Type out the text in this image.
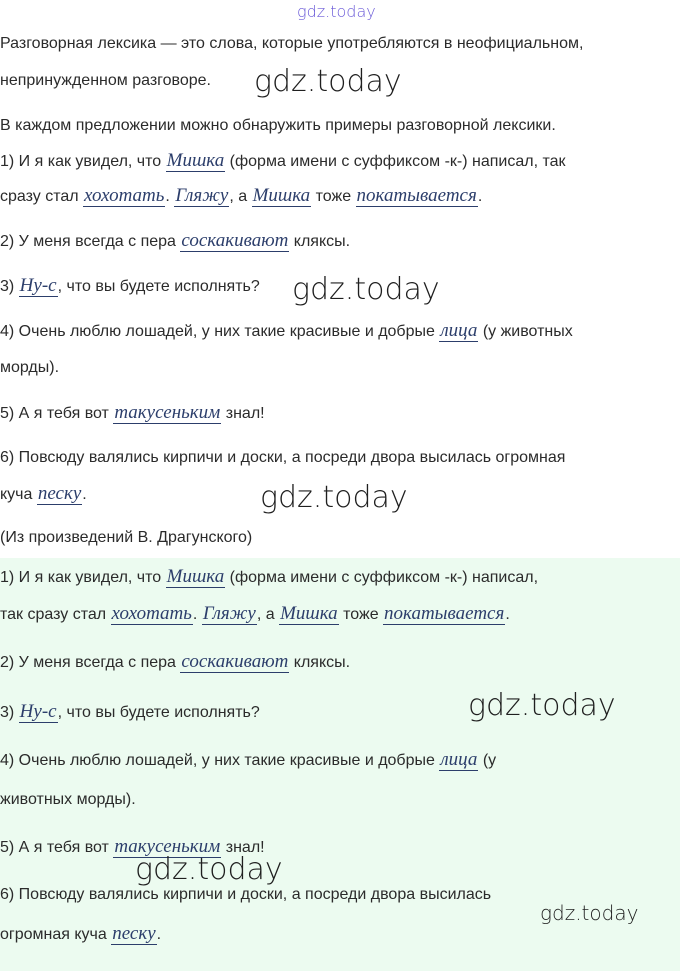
gdz.today
Разговорная лексика — это слова, которые употребляются в неофициальном,
непринужденном разговоре. gdz.today
В каждом предложении можно обнаружить примеры разговорной лексики.
1) И я как увидел, что Мишка (форма имени с суффиксом -к-) написал, так
сразу стал хохотать. Гляжу, а Мишка тоже покатывается.
2) У меня всегда с пера соскакивают кляксы.
3) Ну-с, что вы будете исполнять? gdz.today
4) Очень люблю лошадей, у них такие красивые и добрые лица (у животных
морды).
5) А я тебя вот такусеньким знал!
6) Повсюду валялись кирпичи и доски, а посреди двора высилась огромная
куча песку.	gdz.today
(Из произведений В. Драгунского)
1) И я как увидел, что Мишка (форма имени с суффиксом -к-) написал,
так сразу стал хохотать. Гляжу, а Мишка тоже покатывается.
2) У меня всегда с пера соскакивают кляксы.
3) Ну-с, что вы будете исполнять?	gdz.today
4) Очень люблю лошадей, у них такие красивые и добрые лица (у
животных морды).
5) А я тебя вот такусеньким знал!
gdz.today
6) Повсюду валялись кирпичи и доски, а посреди двора высилась
gdz.today
огромная куча песку.
